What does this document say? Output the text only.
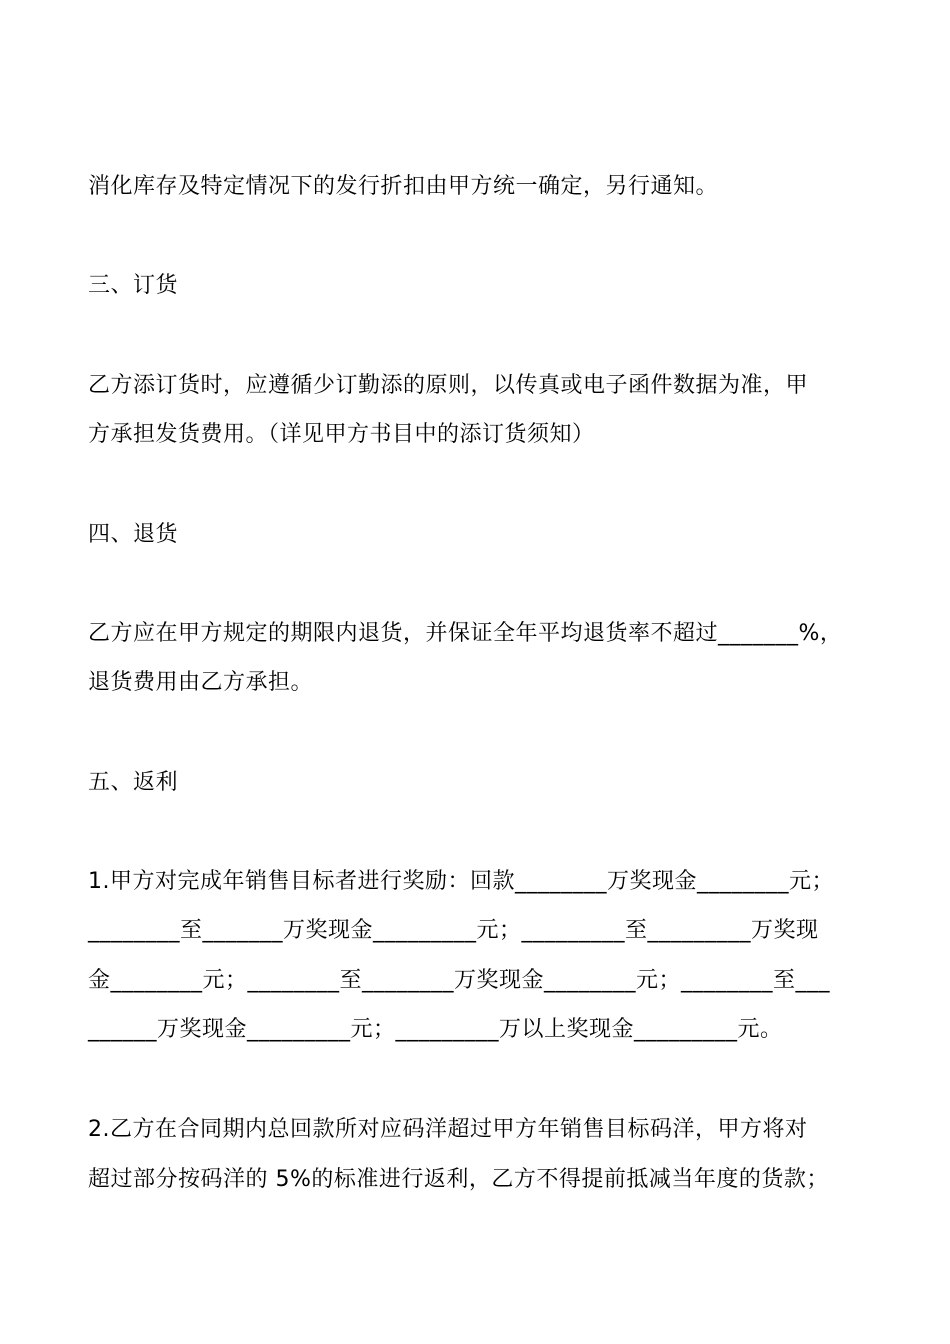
消化库存及特定情况下的发行折扣由甲方统一确定，另行通知。

三、订货

乙方添订货时，应遵循少订勤添的原则，以传真或电子函件数据为准，甲

方承担发货费用。（详见甲方书目中的添订货须知）

四、退货

乙方应在甲方规定的期限内退货，并保证全年平均退货率不超过_______%，

退货费用由乙方承担。

五、返利

1.甲方对完成年销售目标者进行奖励：回款________万奖现金________元；

________至_______万奖现金_________元；_________至_________万奖现

金________元；________至________万奖现金________元；________至___

______万奖现金_________元；_________万以上奖现金_________元。

2.乙方在合同期内总回款所对应码洋超过甲方年销售目标码洋，甲方将对

超过部分按码洋的 5%的标准进行返利，乙方不得提前抵减当年度的货款；
